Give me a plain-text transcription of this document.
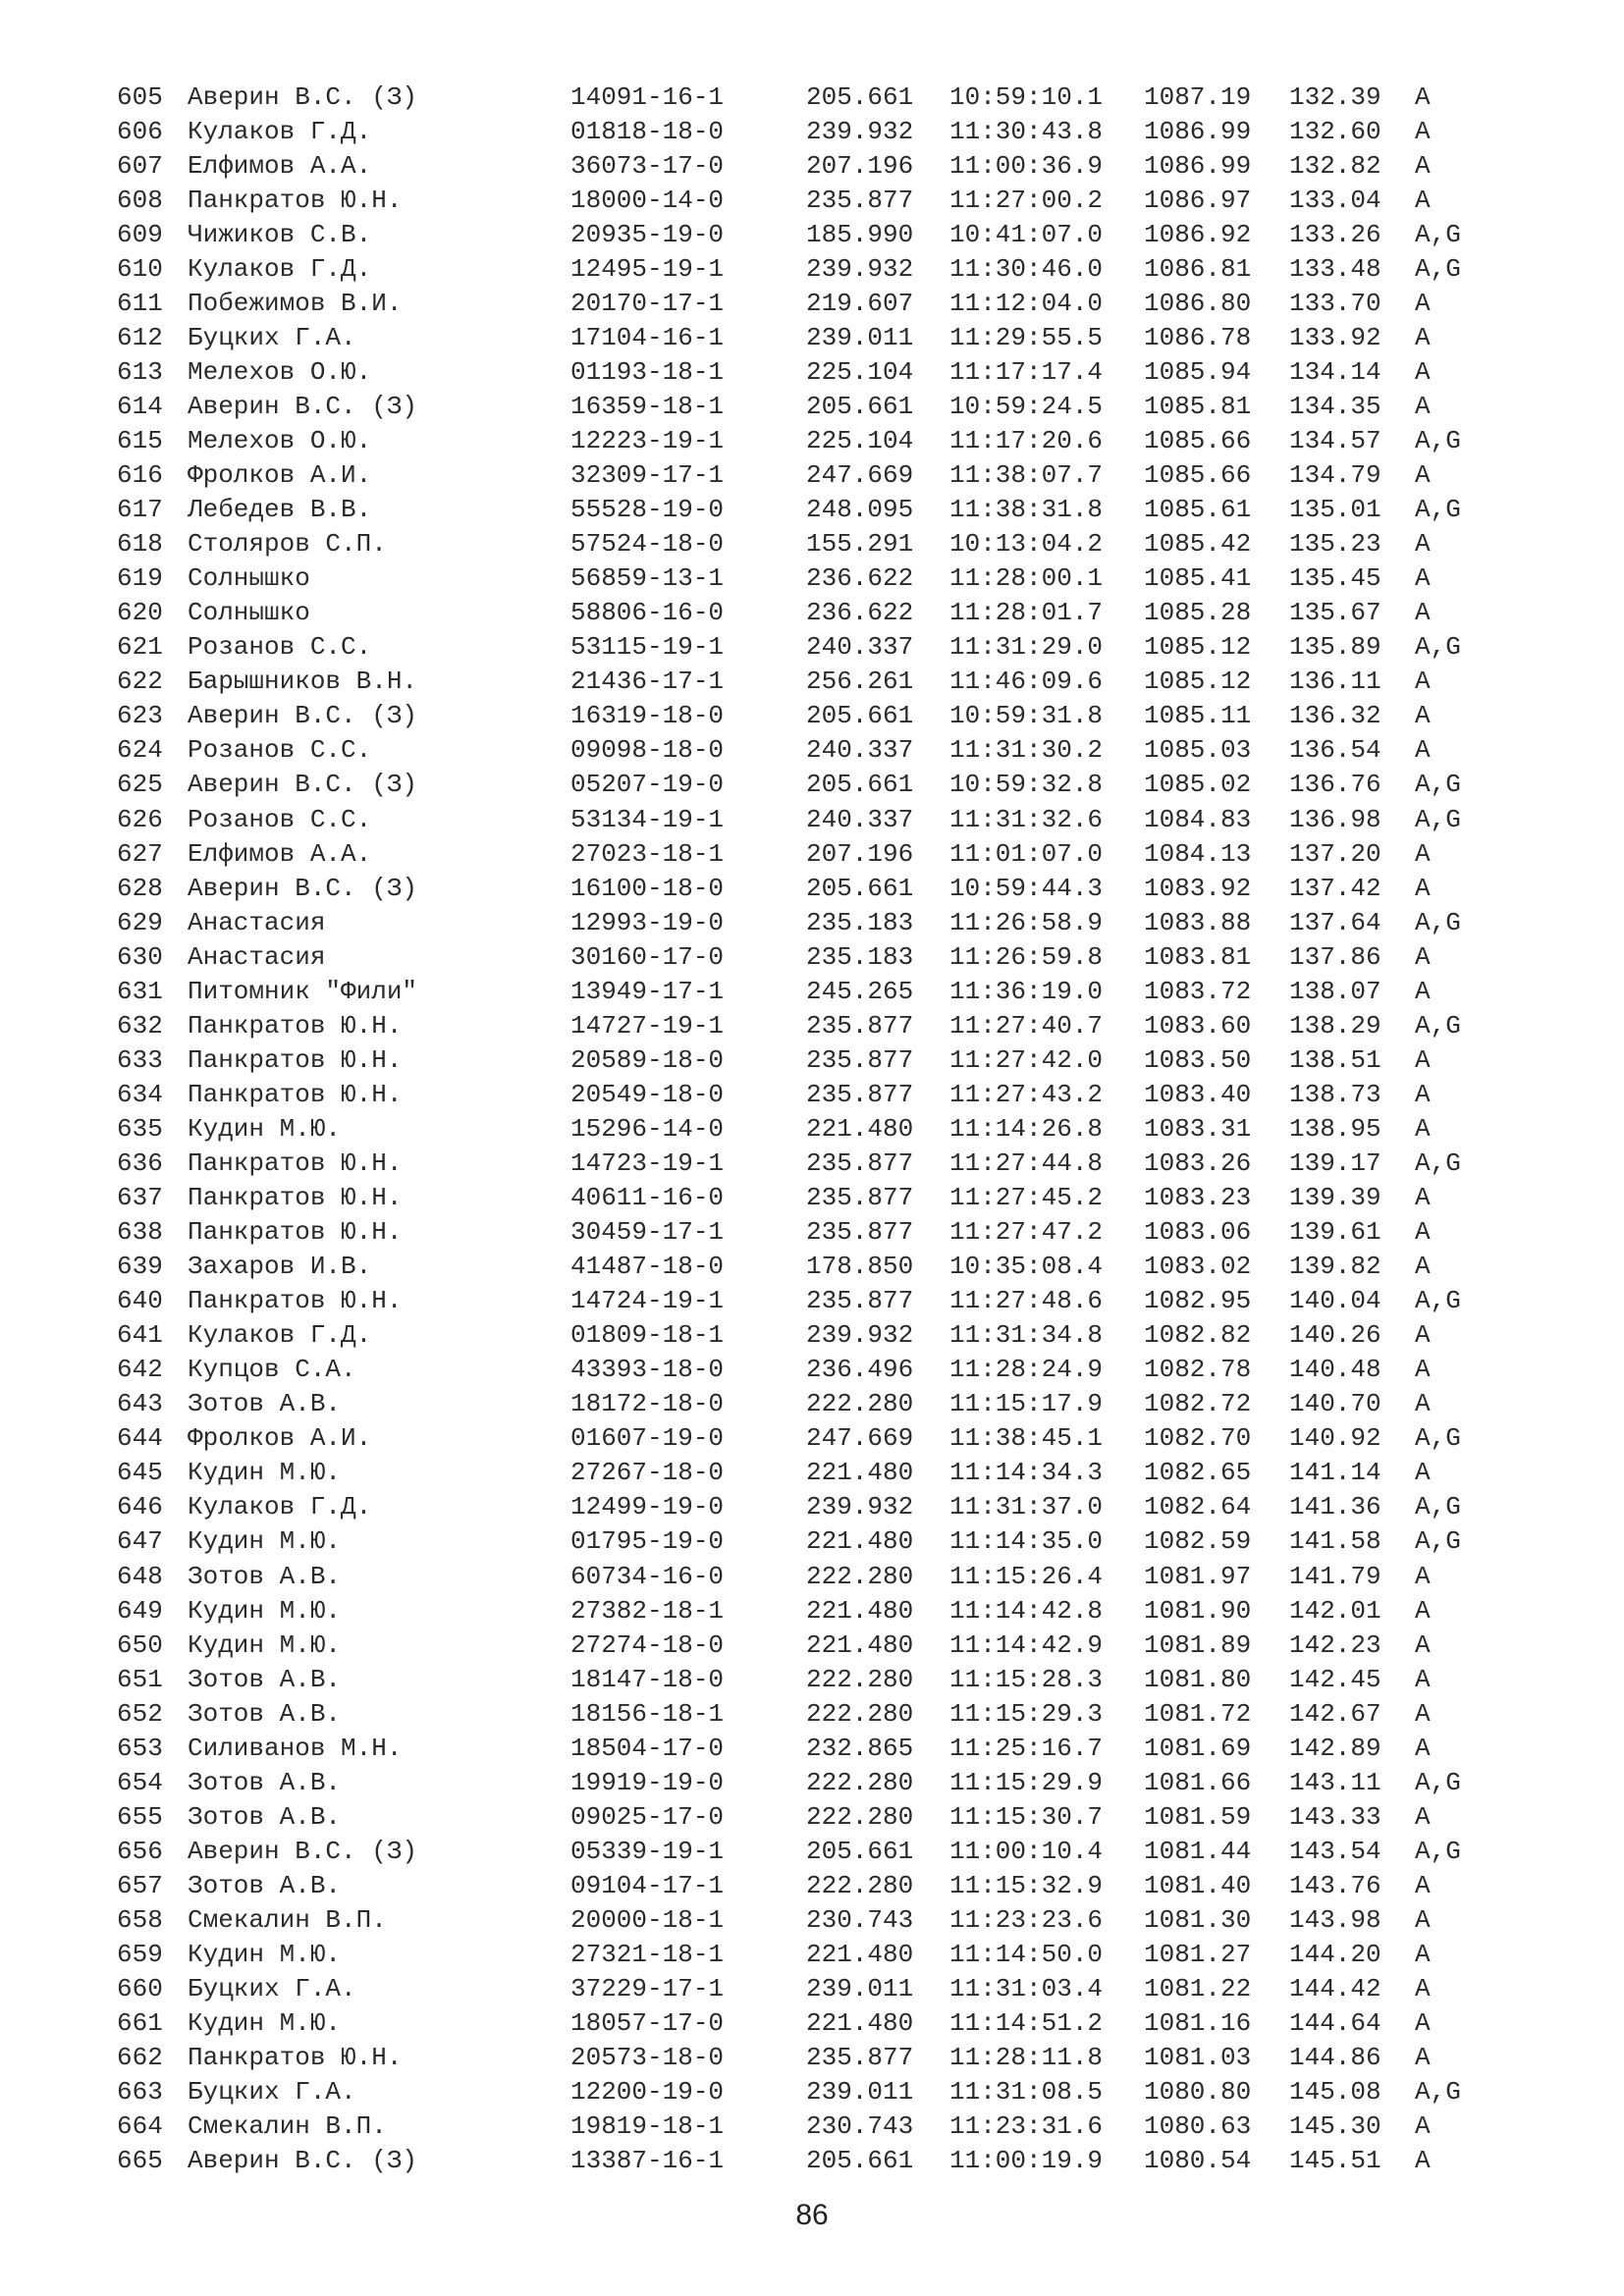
605 Аверин В.С. (З)	14091-16-1	205.661	10:59:10.1	1087.19	132.39	A
606 Кулаков Г.Д.	01818-18-0	239.932	11:30:43.8	1086.99	132.60	A
607 Елфимов А.А.	36073-17-0	207.196	11:00:36.9	1086.99	132.82	A
608 Панкратов Ю.Н.	18000-14-0	235.877	11:27:00.2	1086.97	133.04	A
609 Чижиков С.В.	20935-19-0	185.990	10:41:07.0	1086.92	133.26	A,G
610 Кулаков Г.Д.	12495-19-1	239.932	11:30:46.0	1086.81	133.48	A,G
611 Побежимов В.И.	20170-17-1	219.607	11:12:04.0	1086.80	133.70	A
612 Буцких Г.А.	17104-16-1	239.011	11:29:55.5	1086.78	133.92	A
613 Мелехов О.Ю.	01193-18-1	225.104	11:17:17.4	1085.94	134.14	A
614 Аверин В.С. (З)	16359-18-1	205.661	10:59:24.5	1085.81	134.35	A
615 Мелехов О.Ю.	12223-19-1	225.104	11:17:20.6	1085.66	134.57	A,G
616 Фролков А.И.	32309-17-1	247.669	11:38:07.7	1085.66	134.79	A
617 Лебедев В.В.	55528-19-0	248.095	11:38:31.8	1085.61	135.01	A,G
618 Столяров С.П.	57524-18-0	155.291	10:13:04.2	1085.42	135.23	A
619 Солнышко	56859-13-1	236.622	11:28:00.1	1085.41	135.45	A
620 Солнышко	58806-16-0	236.622	11:28:01.7	1085.28	135.67	A
621 Розанов С.С.	53115-19-1	240.337	11:31:29.0	1085.12	135.89	A,G
622 Барышников В.Н.	21436-17-1	256.261	11:46:09.6	1085.12	136.11	A
623 Аверин В.С. (З)	16319-18-0	205.661	10:59:31.8	1085.11	136.32	A
624 Розанов С.С.	09098-18-0	240.337	11:31:30.2	1085.03	136.54	A
625 Аверин В.С. (З)	05207-19-0	205.661	10:59:32.8	1085.02	136.76	A,G
626 Розанов С.С.	53134-19-1	240.337	11:31:32.6	1084.83	136.98	A,G
627 Елфимов А.А.	27023-18-1	207.196	11:01:07.0	1084.13	137.20	A
628 Аверин В.С. (З)	16100-18-0	205.661	10:59:44.3	1083.92	137.42	A
629 Анастасия	12993-19-0	235.183	11:26:58.9	1083.88	137.64	A,G
630 Анастасия	30160-17-0	235.183	11:26:59.8	1083.81	137.86	A
631 Питомник "Фили"	13949-17-1	245.265	11:36:19.0	1083.72	138.07	A
632 Панкратов Ю.Н.	14727-19-1	235.877	11:27:40.7	1083.60	138.29	A,G
633 Панкратов Ю.Н.	20589-18-0	235.877	11:27:42.0	1083.50	138.51	A
634 Панкратов Ю.Н.	20549-18-0	235.877	11:27:43.2	1083.40	138.73	A
635 Кудин М.Ю.	15296-14-0	221.480	11:14:26.8	1083.31	138.95	A
636 Панкратов Ю.Н.	14723-19-1	235.877	11:27:44.8	1083.26	139.17	A,G
637 Панкратов Ю.Н.	40611-16-0	235.877	11:27:45.2	1083.23	139.39	A
638 Панкратов Ю.Н.	30459-17-1	235.877	11:27:47.2	1083.06	139.61	A
639 Захаров И.В.	41487-18-0	178.850	10:35:08.4	1083.02	139.82	A
640 Панкратов Ю.Н.	14724-19-1	235.877	11:27:48.6	1082.95	140.04	A,G
641 Кулаков Г.Д.	01809-18-1	239.932	11:31:34.8	1082.82	140.26	A
642 Купцов С.А.	43393-18-0	236.496	11:28:24.9	1082.78	140.48	A
643 Зотов А.В.	18172-18-0	222.280	11:15:17.9	1082.72	140.70	A
644 Фролков А.И.	01607-19-0	247.669	11:38:45.1	1082.70	140.92	A,G
645 Кудин М.Ю.	27267-18-0	221.480	11:14:34.3	1082.65	141.14	A
646 Кулаков Г.Д.	12499-19-0	239.932	11:31:37.0	1082.64	141.36	A,G
647 Кудин М.Ю.	01795-19-0	221.480	11:14:35.0	1082.59	141.58	A,G
648 Зотов А.В.	60734-16-0	222.280	11:15:26.4	1081.97	141.79	A
649 Кудин М.Ю.	27382-18-1	221.480	11:14:42.8	1081.90	142.01	A
650 Кудин М.Ю.	27274-18-0	221.480	11:14:42.9	1081.89	142.23	A
651 Зотов А.В.	18147-18-0	222.280	11:15:28.3	1081.80	142.45	A
652 Зотов А.В.	18156-18-1	222.280	11:15:29.3	1081.72	142.67	A
653 Силиванов М.Н.	18504-17-0	232.865	11:25:16.7	1081.69	142.89	A
654 Зотов А.В.	19919-19-0	222.280	11:15:29.9	1081.66	143.11	A,G
655 Зотов А.В.	09025-17-0	222.280	11:15:30.7	1081.59	143.33	A
656 Аверин В.С. (З)	05339-19-1	205.661	11:00:10.4	1081.44	143.54	A,G
657 Зотов А.В.	09104-17-1	222.280	11:15:32.9	1081.40	143.76	A
658 Смекалин В.П.	20000-18-1	230.743	11:23:23.6	1081.30	143.98	A
659 Кудин М.Ю.	27321-18-1	221.480	11:14:50.0	1081.27	144.20	A
660 Буцких Г.А.	37229-17-1	239.011	11:31:03.4	1081.22	144.42	A
661 Кудин М.Ю.	18057-17-0	221.480	11:14:51.2	1081.16	144.64	A
662 Панкратов Ю.Н.	20573-18-0	235.877	11:28:11.8	1081.03	144.86	A
663 Буцких Г.А.	12200-19-0	239.011	11:31:08.5	1080.80	145.08	A,G
664 Смекалин В.П.	19819-18-1	230.743	11:23:31.6	1080.63	145.30	A
665 Аверин В.С. (З)	13387-16-1	205.661	11:00:19.9	1080.54	145.51	A
86
